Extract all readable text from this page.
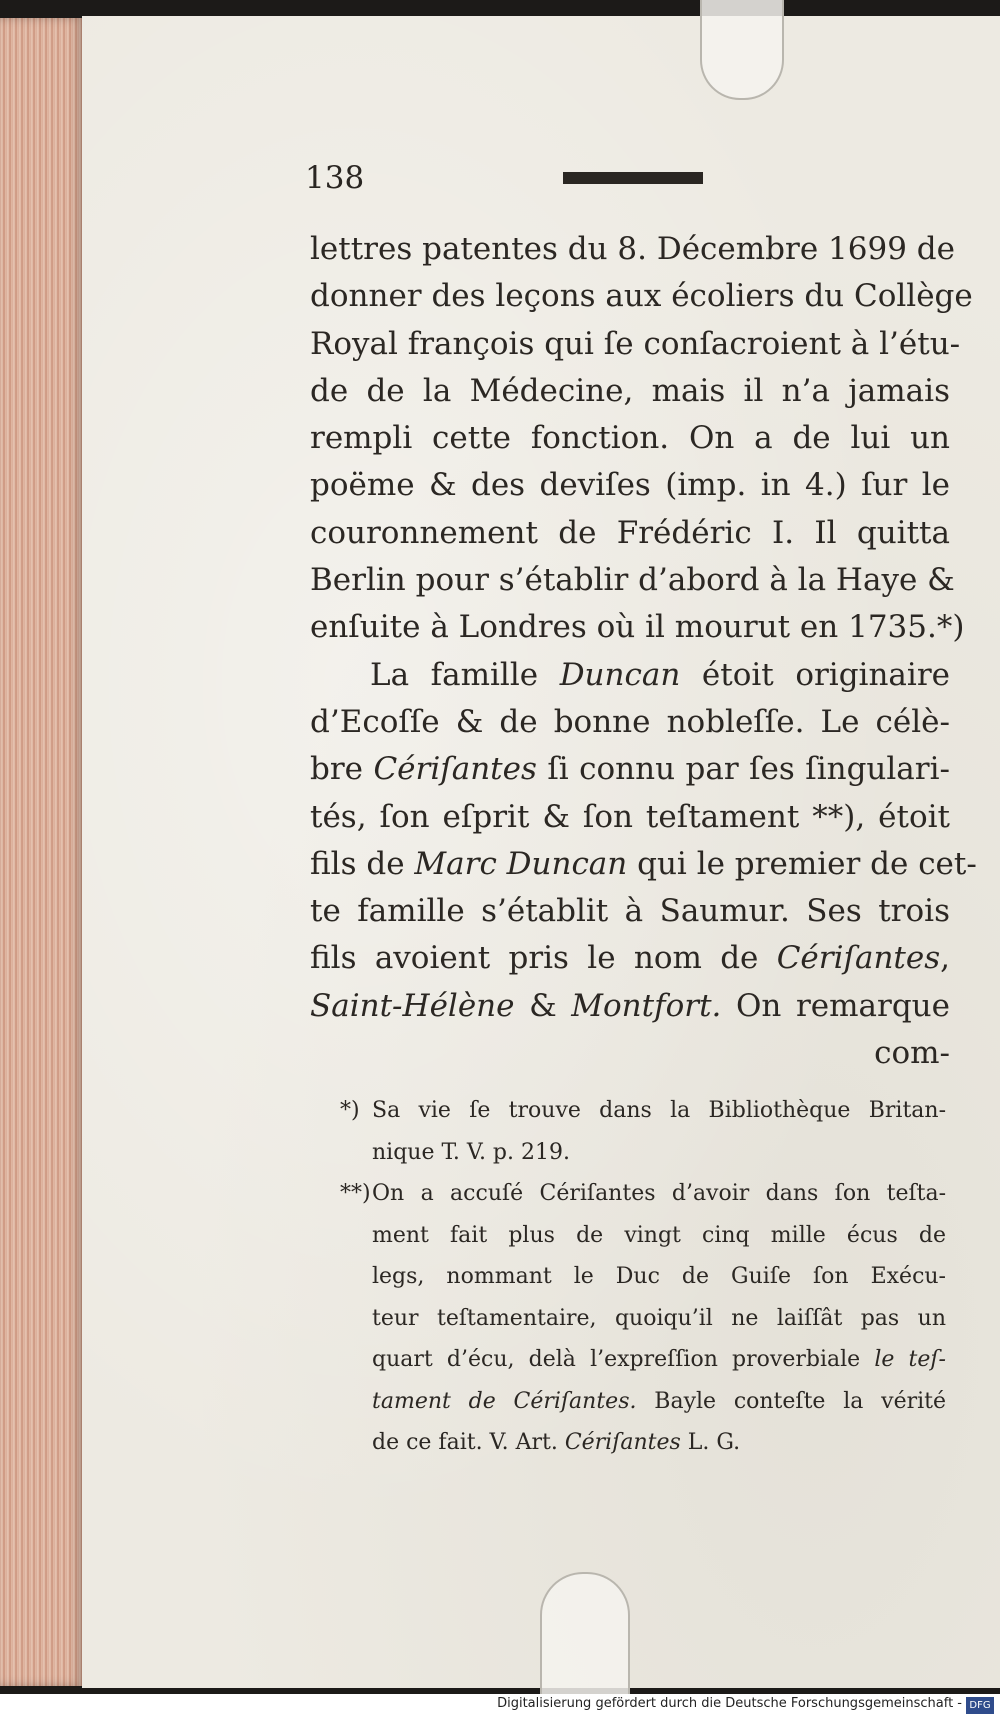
138
lettres patentes du 8. Décembre 1699 de
donner des leçons aux écoliers du Collège
Royal françois qui ſe conſacroient à l’étu-
de de la Médecine, mais il n’a jamais
rempli cette fonction. On a de lui un
poëme & des deviſes (imp. in 4.) ſur le
couronnement de Frédéric I. Il quitta
Berlin pour s’établir d’abord à la Haye &
enſuite à Londres où il mourut en 1735.*)
La famille Duncan étoit originaire
d’Ecoſſe & de bonne nobleſſe. Le célè-
bre Cériſantes ſi connu par ſes ſingulari-
tés, ſon eſprit & ſon teſtament **), étoit
fils de Marc Duncan qui le premier de cet-
te famille s’établit à Saumur. Ses trois
fils avoient pris le nom de Cériſantes,
Saint-Hélène & Montfort. On remarque
com-
*) Sa vie ſe trouve dans la Bibliothèque Britan-
nique T. V. p. 219.
**)On a accuſé Cériſantes d’avoir dans ſon teſta-
ment fait plus de vingt cinq mille écus de
legs, nommant le Duc de Guiſe ſon Exécu-
teur teſtamentaire, quoiqu’il ne laiſſât pas un
quart d’écu, delà l’expreſſion proverbiale le teſ-
tament de Cériſantes. Bayle conteſte la vérité
de ce fait. V. Art. Cériſantes L. G.
Digitalisierung gefördert durch die Deutsche Forschungsgemeinschaft - DFG
